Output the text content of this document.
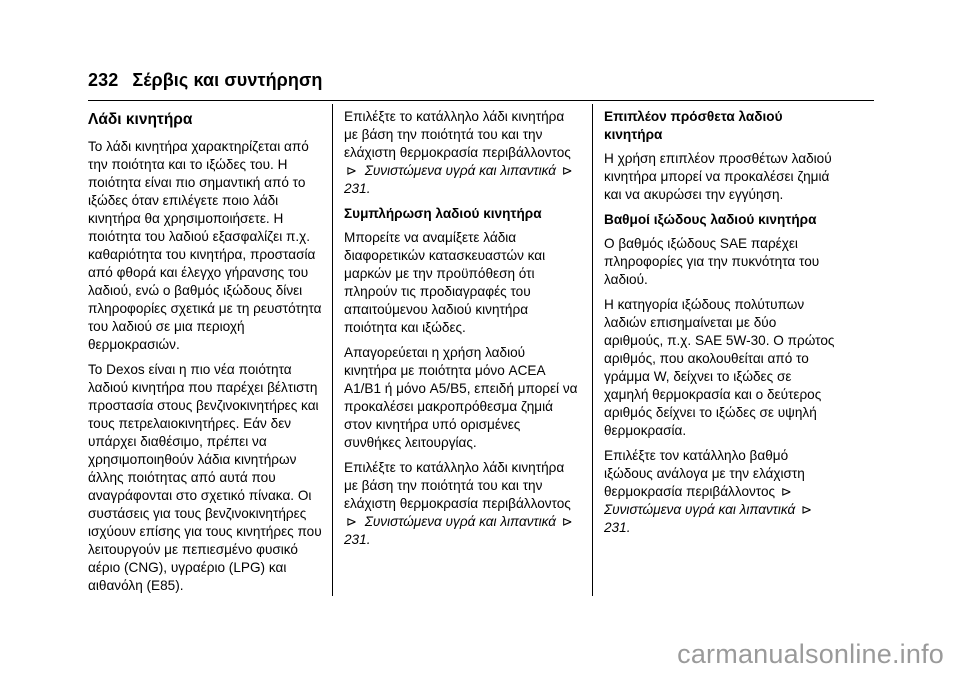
232 Σέρβις και συντήρηση
Λάδι κινητήρα

Το λάδι κινητήρα χαρακτηρίζεται από την ποιότητα και το ιξώδες του. Η ποιότητα είναι πιο σημαντική από το ιξώδες όταν επιλέγετε ποιο λάδι κινητήρα θα χρησιμοποιήσετε. Η ποιότητα του λαδιού εξασφαλίζει π.χ. καθαριότητα του κινητήρα, προστασία από φθορά και έλεγχο γήρανσης του λαδιού, ενώ ο βαθμός ιξώδους δίνει πληροφορίες σχετικά με τη ρευστότητα του λαδιού σε μια περιοχή θερμοκρασιών.

Το Dexos είναι η πιο νέα ποιότητα λαδιού κινητήρα που παρέχει βέλτιστη προστασία στους βενζινοκινητήρες και τους πετρελαιοκινητήρες. Εάν δεν υπάρχει διαθέσιμο, πρέπει να χρησιμοποιηθούν λάδια κινητήρων άλλης ποιότητας από αυτά που αναγράφονται στο σχετικό πίνακα. Οι συστάσεις για τους βενζινοκινητήρες ισχύουν επίσης για τους κινητήρες που λειτουργούν με πεπιεσμένο φυσικό αέριο (CNG), υγραέριο (LPG) και αιθανόλη (E85).

Επιλέξτε το κατάλληλο λάδι κινητήρα με βάση την ποιότητά του και την ελάχιστη θερμοκρασία περιβάλλοντος ⊳ Συνιστώμενα υγρά και λιπαντικά ⊳ 231.

Συμπλήρωση λαδιού κινητήρα

Μπορείτε να αναμίξετε λάδια διαφορετικών κατασκευαστών και μαρκών με την προϋπόθεση ότι πληρούν τις προδιαγραφές του απαιτούμενου λαδιού κινητήρα ποιότητα και ιξώδες.

Απαγορεύεται η χρήση λαδιού κινητήρα με ποιότητα μόνο ACEA A1/B1 ή μόνο A5/B5, επειδή μπορεί να προκαλέσει μακροπρόθεσμα ζημιά στον κινητήρα υπό ορισμένες συνθήκες λειτουργίας.

Επιλέξτε το κατάλληλο λάδι κινητήρα με βάση την ποιότητά του και την ελάχιστη θερμοκρασία περιβάλλοντος ⊳ Συνιστώμενα υγρά και λιπαντικά ⊳ 231.

Επιπλέον πρόσθετα λαδιού κινητήρα

Η χρήση επιπλέον προσθέτων λαδιού κινητήρα μπορεί να προκαλέσει ζημιά και να ακυρώσει την εγγύηση.

Βαθμοί ιξώδους λαδιού κινητήρα

Ο βαθμός ιξώδους SAE παρέχει πληροφορίες για την πυκνότητα του λαδιού.

Η κατηγορία ιξώδους πολύτυπων λαδιών επισημαίνεται με δύο αριθμούς, π.χ. SAE 5W-30. Ο πρώτος αριθμός, που ακολουθείται από το γράμμα W, δείχνει το ιξώδες σε χαμηλή θερμοκρασία και ο δεύτερος αριθμός δείχνει το ιξώδες σε υψηλή θερμοκρασία.

Επιλέξτε τον κατάλληλο βαθμό ιξώδους ανάλογα με την ελάχιστη θερμοκρασία περιβάλλοντος ⊳ Συνιστώμενα υγρά και λιπαντικά ⊳ 231.

carmanualsonline.info
